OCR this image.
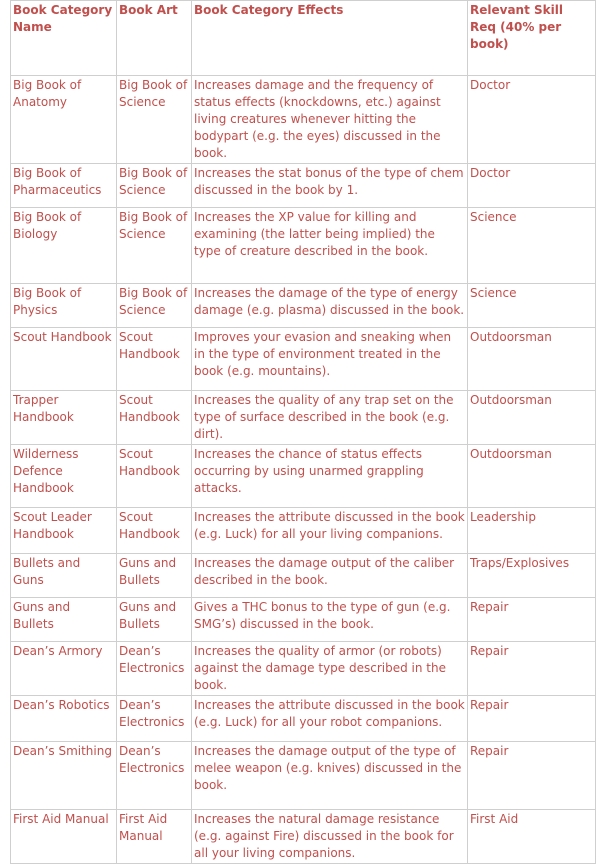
Book Category Name	Book Art	Book Category Effects	Relevant Skill Req (40% per book)
Big Book of Anatomy	Big Book of Science	Increases damage and the frequency of status effects (knockdowns, etc.) against living creatures whenever hitting the bodypart (e.g. the eyes) discussed in the book.	Doctor
Big Book of Pharmaceutics	Big Book of Science	Increases the stat bonus of the type of chem discussed in the book by 1.	Doctor
Big Book of Biology	Big Book of Science	Increases the XP value for killing and examining (the latter being implied) the type of creature described in the book.	Science
Big Book of Physics	Big Book of Science	Increases the damage of the type of energy damage (e.g. plasma) discussed in the book.	Science
Scout Handbook	Scout Handbook	Improves your evasion and sneaking when in the type of environment treated in the book (e.g. mountains).	Outdoorsman
Trapper Handbook	Scout Handbook	Increases the quality of any trap set on the type of surface described in the book (e.g. dirt).	Outdoorsman
Wilderness Defence Handbook	Scout Handbook	Increases the chance of status effects occurring by using unarmed grappling attacks.	Outdoorsman
Scout Leader Handbook	Scout Handbook	Increases the attribute discussed in the book (e.g. Luck) for all your living companions.	Leadership
Bullets and Guns	Guns and Bullets	Increases the damage output of the caliber described in the book.	Traps/Explosives
Guns and Bullets	Guns and Bullets	Gives a THC bonus to the type of gun (e.g. SMG’s) discussed in the book.	Repair
Dean’s Armory	Dean’s Electronics	Increases the quality of armor (or robots) against the damage type described in the book.	Repair
Dean’s Robotics	Dean’s Electronics	Increases the attribute discussed in the book (e.g. Luck) for all your robot companions.	Repair
Dean’s Smithing	Dean’s Electronics	Increases the damage output of the type of melee weapon (e.g. knives) discussed in the book.	Repair
First Aid Manual	First Aid Manual	Increases the natural damage resistance (e.g. against Fire) discussed in the book for all your living companions.	First Aid
